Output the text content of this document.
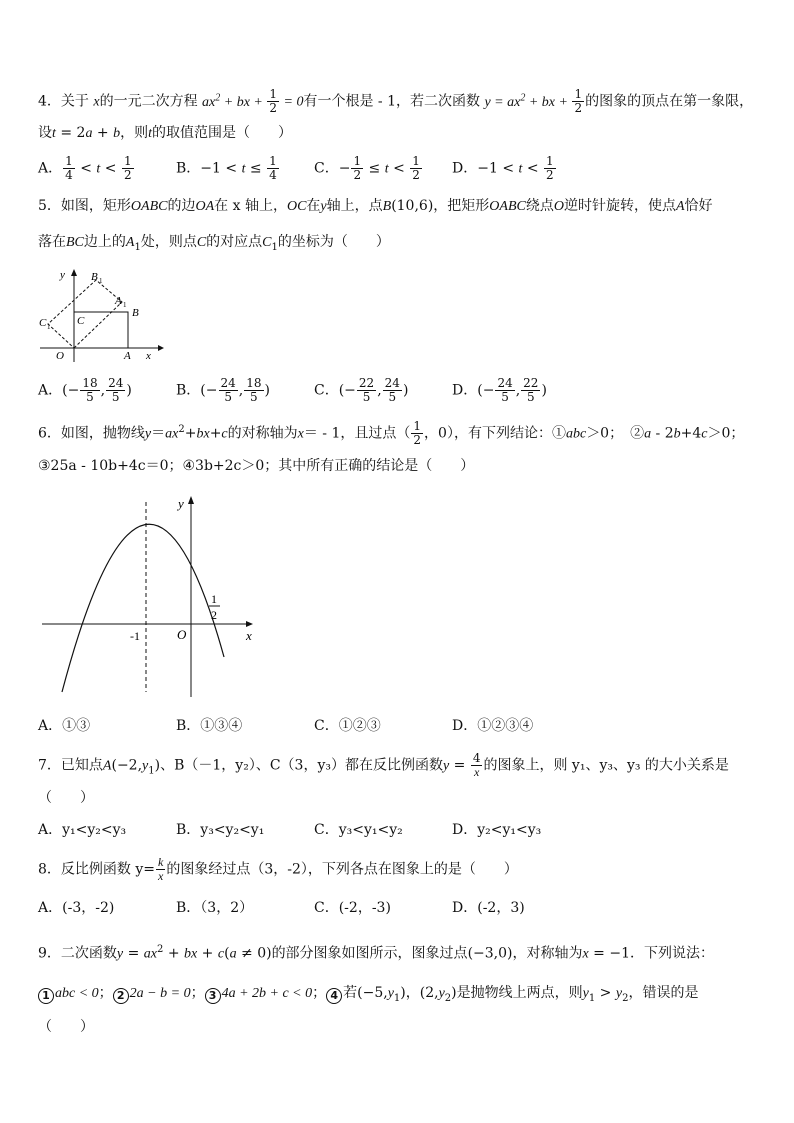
4．关于 x的一元二次方程 $ax^2$ + bx + $\frac{1}{2} = 0$有一个根是 - 1，若二次函数 $y = ax^2$ + bx + $\frac{1}{2}$ 的图象的顶点在第一象限，
设t = 2a + b，则t的取值范围是（　　）
A． $\frac{1}{4} < t < \frac{1}{2}$	B．$-1 < t \le \frac{1}{4}$	C．− $\frac{1}{2} \le t < \frac{1}{2}$ D．$-1 < t < \frac{1}{2}$
5．如图，矩形OABC的边OA在 x 轴上，OC在y轴上，点B(10,6)，把矩形OABC绕点O逆时针旋转，使点A恰好
落在BC边上的$A_1$处，则点C的对应点$C_1$的坐标为（　　）
y B 1
A 1
B
C 1 C
O	A x
A．(− $\frac{18}{5}$ , $\frac{24}{5}$ )	B．(− $\frac{24}{5}$ , $\frac{18}{5}$ )	C．(− $\frac{22}{5}$ , $\frac{24}{5}$ )	D．(− $\frac{24}{5}$ , $\frac{22}{5}$ )
6．如图，抛物线$y=ax^2+bx+c$的对称轴为x＝ - 1，且过点（ $\frac{1}{2}$ ，0），有下列结论：①abc＞0；　②a - 2b+4c＞0；
③25a - 10b+4c＝0；④3b+2c＞0；其中所有正确的结论是（　　）
y
x
O
-1
1
2
A．①③	B．①③④	C．①②③	D．①②③④
7．已知点$A(-2,y_1)$、B（－1，y₂）、C（3，y₃）都在反比例函数$y = \frac{4}{x}$ 的图象上，则 y₁、y₃、y₃ 的大小关系是
（　　）
A．y₁<y₂<y₃	B．y₃<y₂<y₁	C．y₃<y₁<y₂	D．y₂<y₁<y₃
8．反比例函数 $y= \frac{k}{x}$ 的图象经过点（3，-2），下列各点在图象上的是（　　）
A．(-3，-2)	B．（3，2）	C．(-2，-3)	D．(-2，3)
9．二次函数$y = ax^2$ + bx + c(a ≠ 0)的部分图象如图所示，图象过点(−3,0)，对称轴为x = −1．下列说法：
1 abc < 0； 2 2a − b = 0； 3 4a + 2b + c < 0； 4 若$(-5,y_1)$，$(2,y_2)$是抛物线上两点，则$y_1 > y_2$，错误的是
（　　）
